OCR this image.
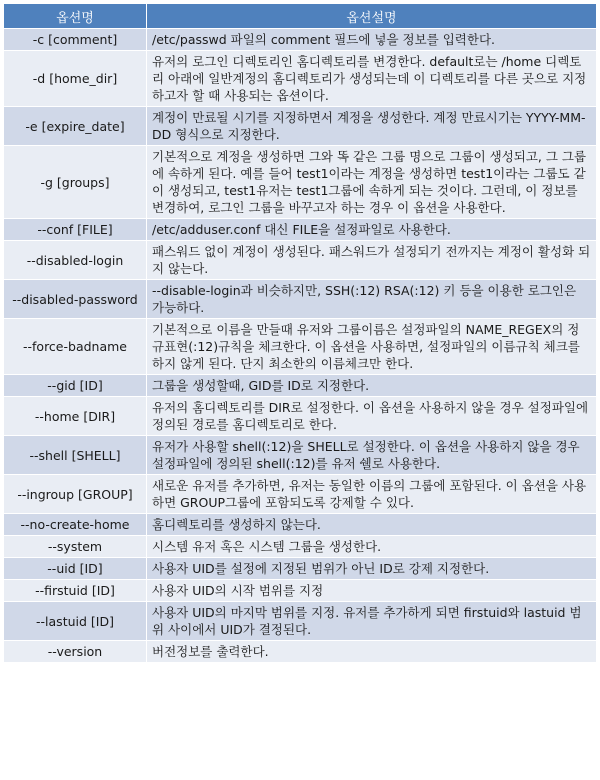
옵션명	옵션설명
-c [comment]	/etc/passwd 파일의 comment 필드에 넣을 정보를 입력한다.
-d [home_dir]	유저의 로그인 디렉토리인 홈디렉토리를 변경한다. default로는 /home 디렉토리 아래에 일반계정의 홈디렉토리가 생성되는데 이 디렉토리를 다른 곳으로 지정하고자 할 때 사용되는 옵션이다.
-e [expire_date]	계정이 만료될 시기를 지정하면서 계정을 생성한다. 계정 만료시기는 YYYY-MM-DD 형식으로 지정한다.
-g [groups]	기본적으로 계정을 생성하면 그와 똑 같은 그룹 명으로 그룹이 생성되고, 그 그룹에 속하게 된다. 예를 들어 test1이라는 계정을 생성하면 test1이라는 그룹도 같이 생성되고, test1유저는 test1그룹에 속하게 되는 것이다. 그런데, 이 정보를 변경하여, 로그인 그룹을 바꾸고자 하는 경우 이 옵션을 사용한다.
--conf [FILE]	/etc/adduser.conf 대신 FILE을 설정파일로 사용한다.
--disabled-login	패스워드 없이 계정이 생성된다. 패스워드가 설정되기 전까지는 계정이 활성화 되지 않는다.
--disabled-password	--disable-login과 비슷하지만, SSH(:12) RSA(:12) 키 등을 이용한 로그인은 가능하다.
--force-badname	기본적으로 이름을 만들때 유저와 그룹이름은 설정파일의 NAME_REGEX의 정규표현(:12)규칙을 체크한다. 이 옵션을 사용하면, 설정파일의 이름규칙 체크를 하지 않게 된다. 단지 최소한의 이름체크만 한다.
--gid [ID]	그룹을 생성할때, GID를 ID로 지정한다.
--home [DIR]	유저의 홈디렉토리를 DIR로 설정한다. 이 옵션을 사용하지 않을 경우 설정파일에 정의된 경로를 홈디렉토리로 한다.
--shell [SHELL]	유저가 사용할 shell(:12)을 SHELL로 설정한다. 이 옵션을 사용하지 않을 경우 설정파일에 정의된 shell(:12)를 유저 쉘로 사용한다.
--ingroup [GROUP]	새로운 유저를 추가하면, 유저는 동일한 이름의 그룹에 포함된다. 이 옵션을 사용하면 GROUP그룹에 포함되도록 강제할 수 있다.
--no-create-home	홈디렉토리를 생성하지 않는다.
--system	시스템 유저 혹은 시스템 그룹을 생성한다.
--uid [ID]	사용자 UID를 설정에 지정된 범위가 아닌 ID로 강제 지정한다.
--firstuid [ID]	사용자 UID의 시작 범위를 지정
--lastuid [ID]	사용자 UID의 마지막 범위를 지정. 유저를 추가하게 되면 firstuid와 lastuid 범위 사이에서 UID가 결정된다.
--version	버전정보를 출력한다.
